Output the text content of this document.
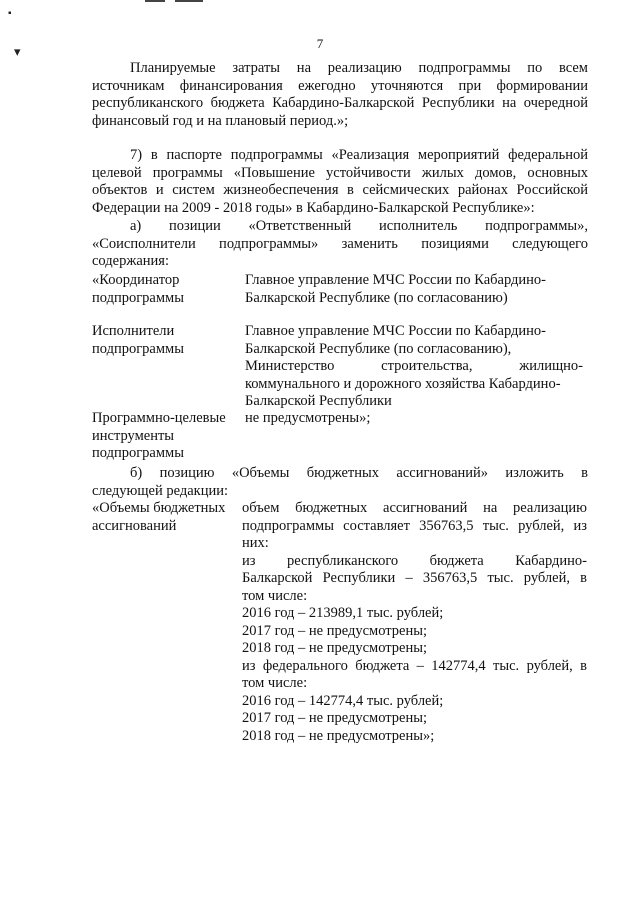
▪
▾
7
Планируемые затраты на реализацию подпрограммы по всем
источникам финансирования ежегодно уточняются при формировании
республиканского бюджета Кабардино-Балкарской Республики на очередной
финансовый год и на плановый период.»;
7) в паспорте подпрограммы «Реализация мероприятий федеральной
целевой программы «Повышение устойчивости жилых домов, основных
объектов и систем жизнеобеспечения в сейсмических районах Российской
Федерации на 2009 - 2018 годы» в Кабардино-Балкарской Республике»:
а) позиции «Ответственный исполнитель подпрограммы»,
«Соисполнители подпрограммы» заменить позициями следующего
содержания:
«Координатор
подпрограммы
Главное управление МЧС России по Кабардино-
Балкарской Республике (по согласованию)
Исполнители
подпрограммы
Главное управление МЧС России по Кабардино-
Балкарской Республике (по согласованию),
Министерство строительства, жилищно-
коммунального и дорожного хозяйства Кабардино-
Балкарской Республики
Программно-целевые
инструменты
подпрограммы
не предусмотрены»;
б) позицию «Объемы бюджетных ассигнований» изложить в
следующей редакции:
«Объемы бюджетных
ассигнований
объем бюджетных ассигнований на реализацию
подпрограммы составляет 356763,5 тыс. рублей, из
них:
из республиканского бюджета Кабардино-
Балкарской Республики – 356763,5 тыс. рублей, в
том числе:
2016 год – 213989,1 тыс. рублей;
2017 год – не предусмотрены;
2018 год – не предусмотрены;
из федерального бюджета – 142774,4 тыс. рублей, в
том числе:
2016 год – 142774,4 тыс. рублей;
2017 год – не предусмотрены;
2018 год – не предусмотрены»;
